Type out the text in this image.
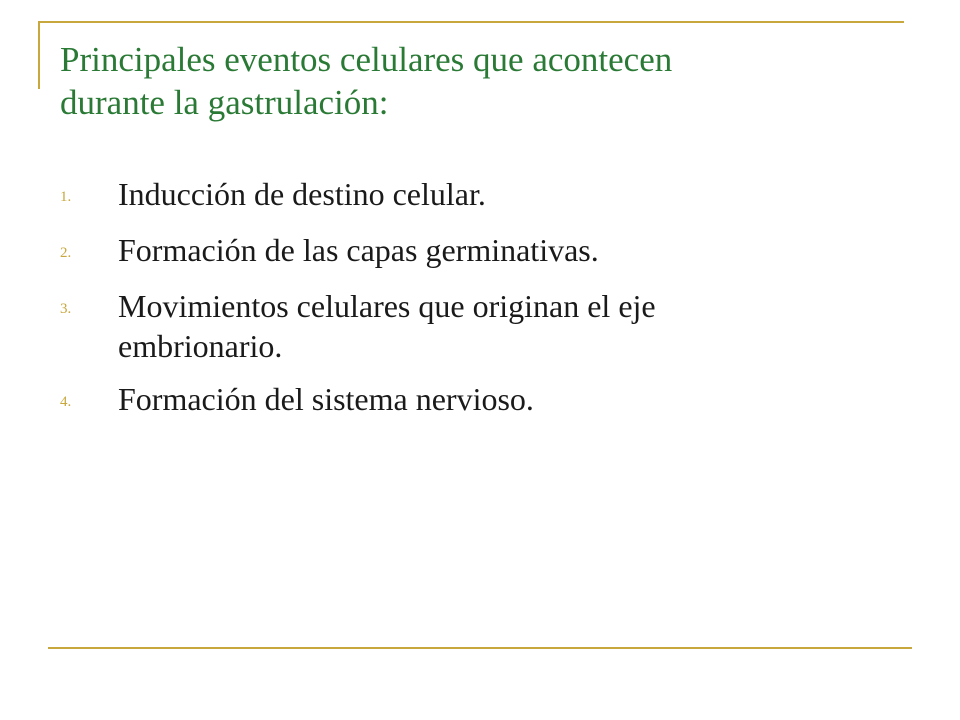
Principales eventos celulares que acontecen
durante la gastrulación:
1.	Inducción de destino celular.
2.	Formación de las capas germinativas.
3.	Movimientos celulares que originan el eje
embrionario.
4.	Formación del sistema nervioso.
